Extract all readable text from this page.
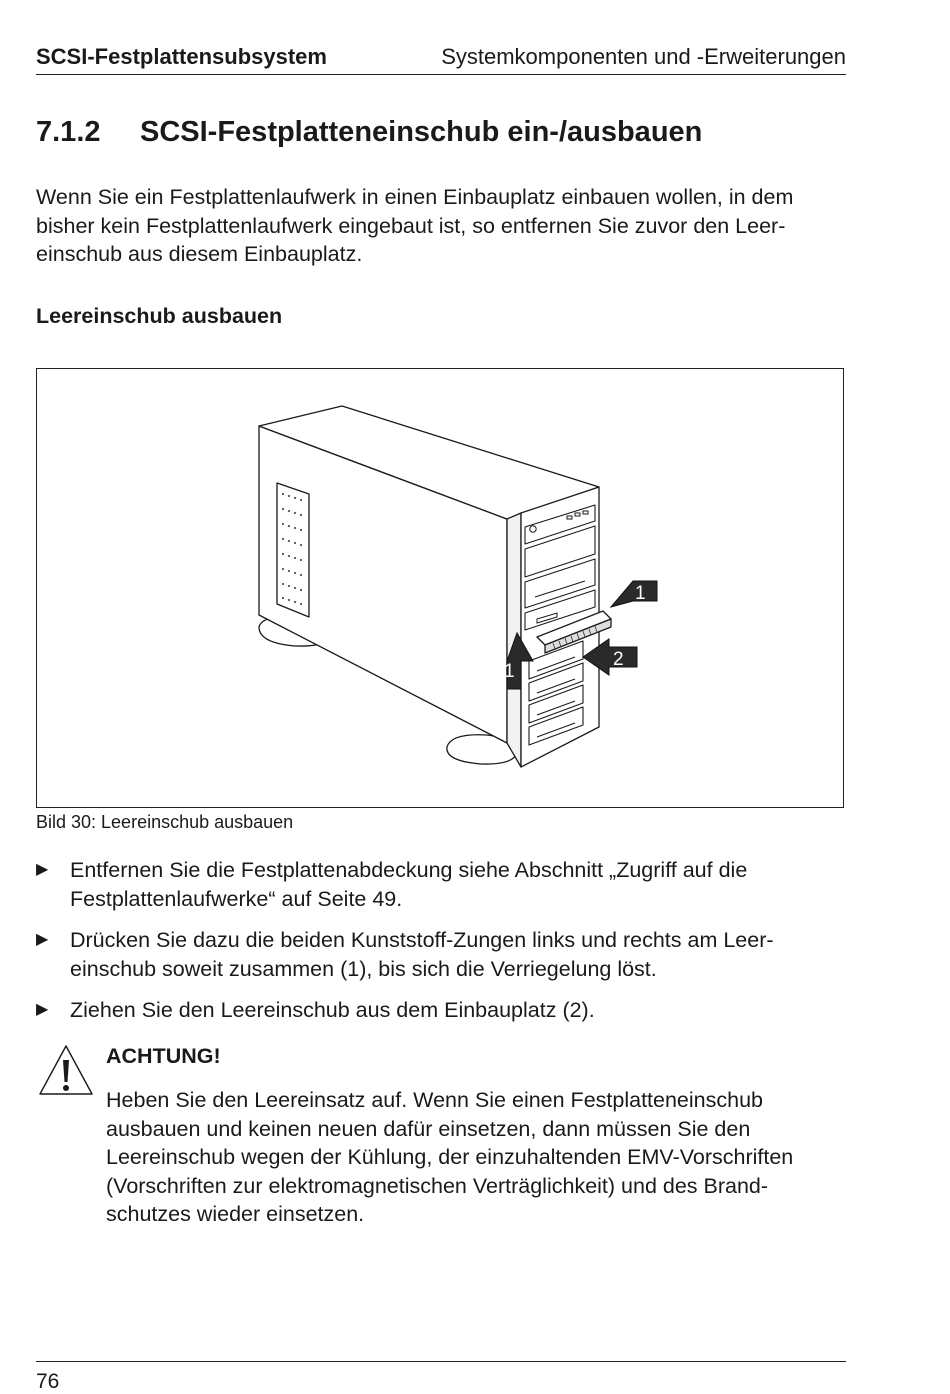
SCSI-Festplattensubsystem	Systemkomponenten und -Erweiterungen
7.1.2 SCSI-Festplatteneinschub ein-/ausbauen
Wenn Sie ein Festplattenlaufwerk in einen Einbauplatz einbauen wollen, in dem
bisher kein Festplattenlaufwerk eingebaut ist, so entfernen Sie zuvor den Leer-
einschub aus diesem Einbauplatz.
Leereinschub ausbauen
1
1
2
Bild 30: Leereinschub ausbauen
▶ Entfernen Sie die Festplattenabdeckung siehe Abschnitt „Zugriff auf die
Festplattenlaufwerke“ auf Seite 49.
▶ Drücken Sie dazu die beiden Kunststoff-Zungen links und rechts am Leer-
einschub soweit zusammen (1), bis sich die Verriegelung löst.
▶ Ziehen Sie den Leereinschub aus dem Einbauplatz (2).
ACHTUNG!
Heben Sie den Leereinsatz auf. Wenn Sie einen Festplatteneinschub
ausbauen und keinen neuen dafür einsetzen, dann müssen Sie den
Leereinschub wegen der Kühlung, der einzuhaltenden EMV-Vorschriften
(Vorschriften zur elektromagnetischen Verträglichkeit) und des Brand-
schutzes wieder einsetzen.
76
